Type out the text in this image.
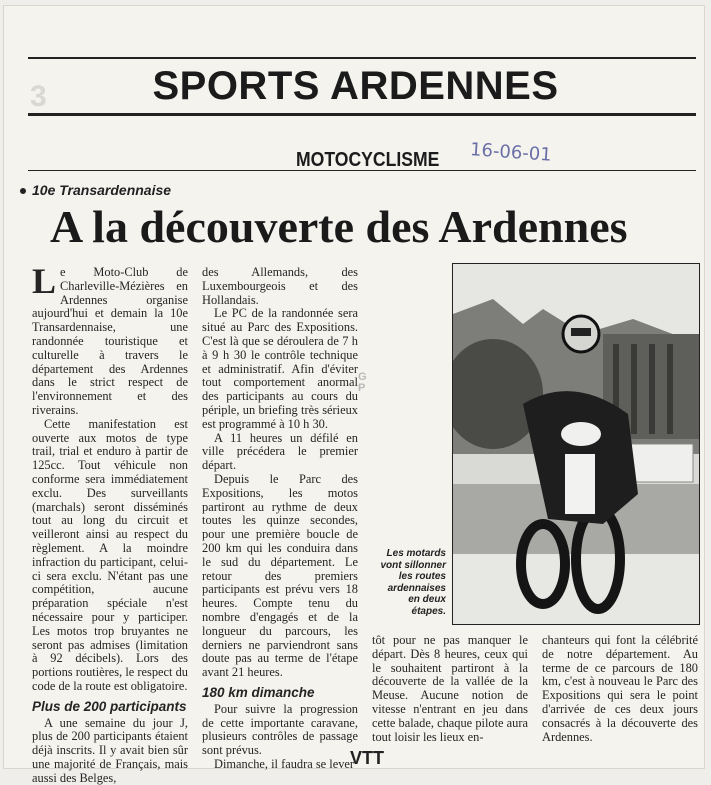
3	SPORTS ARDENNES
MOTOCYCLISME 16-06-01
10e Transardennaise
A la découverte des Ardennes

Le Moto-Club de Charleville-Mézières en Ardennes organise aujourd'hui et demain la 10e Transardennaise, une randonnée touristique et culturelle à travers le département des Ardennes dans le strict respect de l'environnement et des riverains.

Cette manifestation est ouverte aux motos de type trail, trial et enduro à partir de 125cc. Tout véhicule non conforme sera immédiatement exclu. Des surveillants (marchals) seront disséminés tout au long du circuit et veilleront ainsi au respect du règlement. A la moindre infraction du participant, celui-ci sera exclu. N'étant pas une compétition, aucune préparation spéciale n'est nécessaire pour y participer. Les motos trop bruyantes ne seront pas admises (limitation à 92 décibels). Lors des portions routières, le respect du code de la route est obligatoire.

Plus de 200 participants

A une semaine du jour J, plus de 200 participants étaient déjà inscrits. Il y avait bien sûr une majorité de Français, mais aussi des Belges,

des Allemands, des Luxembourgeois et des Hollandais.

Le PC de la randonnée sera situé au Parc des Expositions. C'est là que se déroulera de 7 h à 9 h 30 le contrôle technique et administratif. Afin d'éviter tout comportement anormal des participants au cours du périple, un briefing très sérieux est programmé à 10 h 30.

A 11 heures un défilé en ville précédera le premier départ.

Depuis le Parc des Expositions, les motos partiront au rythme de deux toutes les quinze secondes, pour une première boucle de 200 km qui les conduira dans le sud du département. Le retour des premiers participants est prévu vers 18 heures. Compte tenu du nombre d'engagés et de la longueur du parcours, les derniers ne parviendront sans doute pas au terme de l'étape avant 21 heures.

180 km dimanche

Pour suivre la progression de cette importante caravane, plusieurs contrôles de passage sont prévus.

Dimanche, il faudra se lever

G
P
Les motards vont sillonner les routes ardennaises en deux étapes.

tôt pour ne pas manquer le départ. Dès 8 heures, ceux qui le souhaitent partiront à la découverte de la vallée de la Meuse. Aucune notion de vitesse n'entrant en jeu dans cette balade, chaque pilote aura tout loisir les lieux en-

chanteurs qui font la célébrité de notre département. Au terme de ce parcours de 180 km, c'est à nouveau le Parc des Expositions qui sera le point d'arrivée de ces deux jours consacrés à la découverte des Ardennes.

VTT
